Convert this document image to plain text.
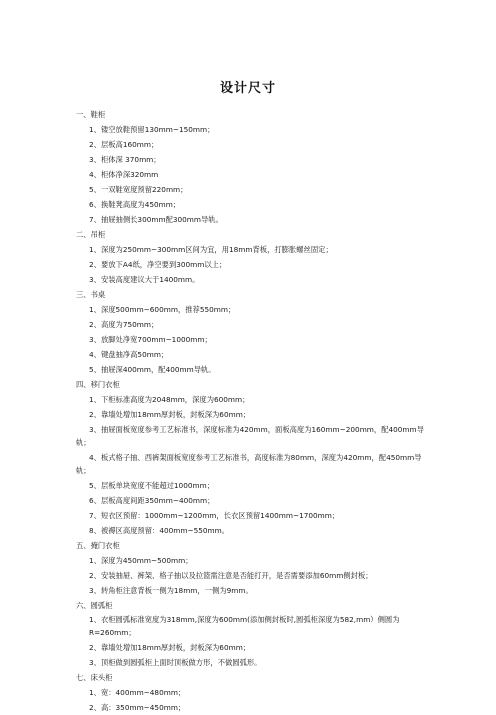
设计尺寸
一、鞋柜
1、镂空放鞋预留130mm~150mm；
2、层板高160mm；
3、柜体深 370mm；
4、柜体净深320mm
5、一双鞋宽度预留220mm；
6、换鞋凳高度为450mm；
7、抽屉抽侧长300mm配300mm导轨。
二、吊柜
1、深度为250mm~300mm区间为宜，用18mm背板，打膨胀螺丝固定；
2、要放下A4纸，净空要到300mm以上；
3、安装高度建议大于1400mm。
三、书桌
1、深度500mm~600mm，推荐550mm；
2、高度为750mm；
3、放脚处净宽700mm~1000mm；
4、键盘抽净高50mm；
5、抽屉深400mm，配400mm导轨。
四、移门衣柜
1、下柜标准高度为2048mm，深度为600mm；
2、靠墙处增加18mm厚封板，封板深为60mm；
3、抽屉面板宽度参考工艺标准书，深度标准为420mm，面板高度为160mm~200mm，配400mm导轨；
4、板式格子抽、西裤架面板宽度参考工艺标准书，高度标准为80mm，深度为420mm，配450mm导轨；
5、层板单块宽度不能超过1000mm；
6、层板高度间距350mm~400mm；
7、短衣区预留：1000mm~1200mm，长衣区预留1400mm~1700mm；
8、被褥区高度预留：400mm~550mm。
五、掩门衣柜
1、深度为450mm~500mm；
2、安装抽屉、裤架、格子抽以及拉篮需注意是否能打开，是否需要添加60mm侧封板；
3、转角柜注意背板一侧为18mm，一侧为9mm。
六、圆弧柜
1、衣柜圆弧标准宽度为318mm,深度为600mm(添加侧封板时,圆弧柜深度为582,mm）侧圆为R=260mm；
2、靠墙处增加18mm厚封板，封板深为60mm；
3、顶柜做到圆弧柜上面时顶板做方形，不做圆弧形。
七、床头柜
1、宽：400mm~480mm；
2、高：350mm~450mm；
